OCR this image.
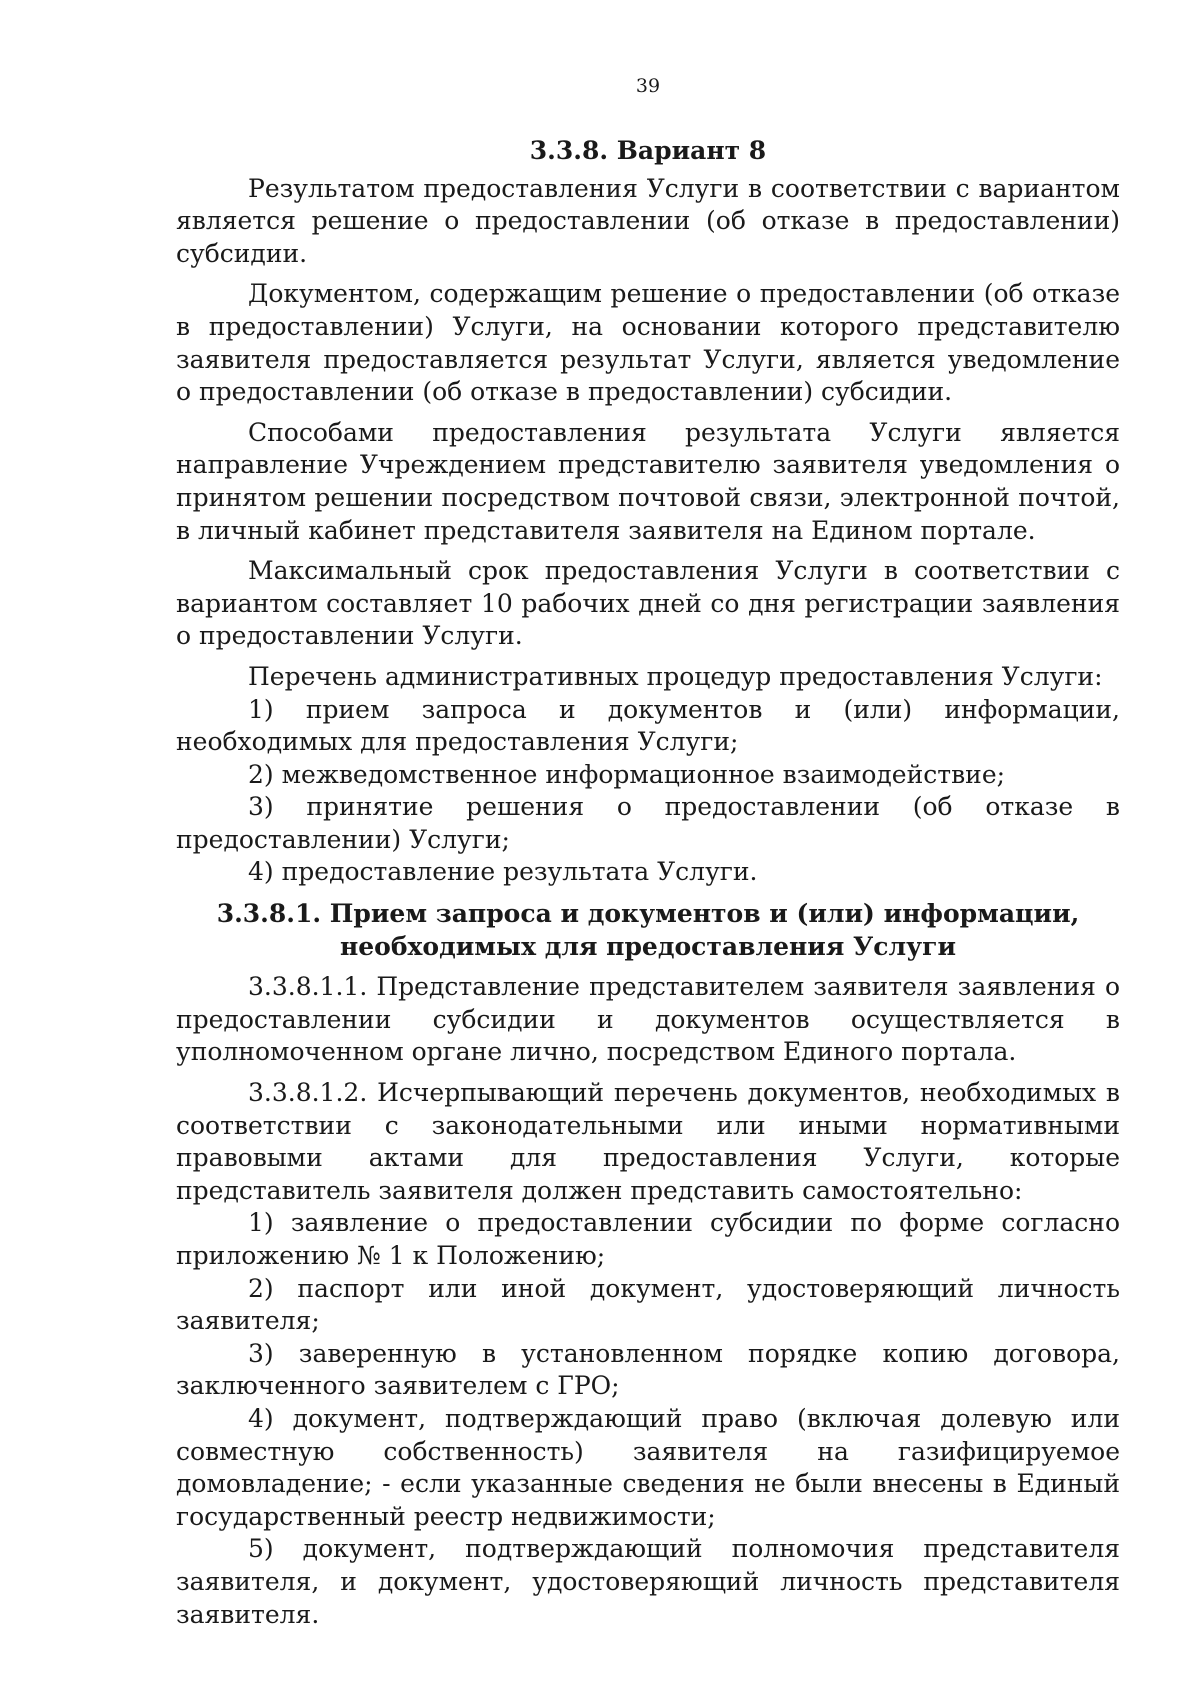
39
3.3.8. Вариант 8

Результатом предоставления Услуги в соответствии с вариантом является решение о предоставлении (об отказе в предоставлении) субсидии.

Документом, содержащим решение о предоставлении (об отказе в предоставлении) Услуги, на основании которого представителю заявителя предоставляется результат Услуги, является уведомление о предоставлении (об отказе в предоставлении) субсидии.

Способами предоставления результата Услуги является направление Учреждением представителю заявителя уведомления о принятом решении посредством почтовой связи, электронной почтой, в личный кабинет представителя заявителя на Едином портале.

Максимальный срок предоставления Услуги в соответствии с вариантом составляет 10 рабочих дней со дня регистрации заявления о предоставлении Услуги.

Перечень административных процедур предоставления Услуги:

1) прием запроса и документов и (или) информации, необходимых для предоставления Услуги;

2) межведомственное информационное взаимодействие;

3) принятие решения о предоставлении (об отказе в предоставлении) Услуги;

4) предоставление результата Услуги.

3.3.8.1. Прием запроса и документов и (или) информации, необходимых для предоставления Услуги

3.3.8.1.1. Представление представителем заявителя заявления о предоставлении субсидии и документов осуществляется в уполномоченном органе лично, посредством Единого портала.

3.3.8.1.2. Исчерпывающий перечень документов, необходимых в соответствии с законодательными или иными нормативными правовыми актами для предоставления Услуги, которые представитель заявителя должен представить самостоятельно:

1) заявление о предоставлении субсидии по форме согласно приложению № 1 к Положению;

2) паспорт или иной документ, удостоверяющий личность заявителя;

3) заверенную в установленном порядке копию договора, заключенного заявителем с ГРО;

4) документ, подтверждающий право (включая долевую или совместную собственность) заявителя на газифицируемое домовладение; - если указанные сведения не были внесены в Единый государственный реестр недвижимости;

5) документ, подтверждающий полномочия представителя заявителя, и документ, удостоверяющий личность представителя заявителя.
